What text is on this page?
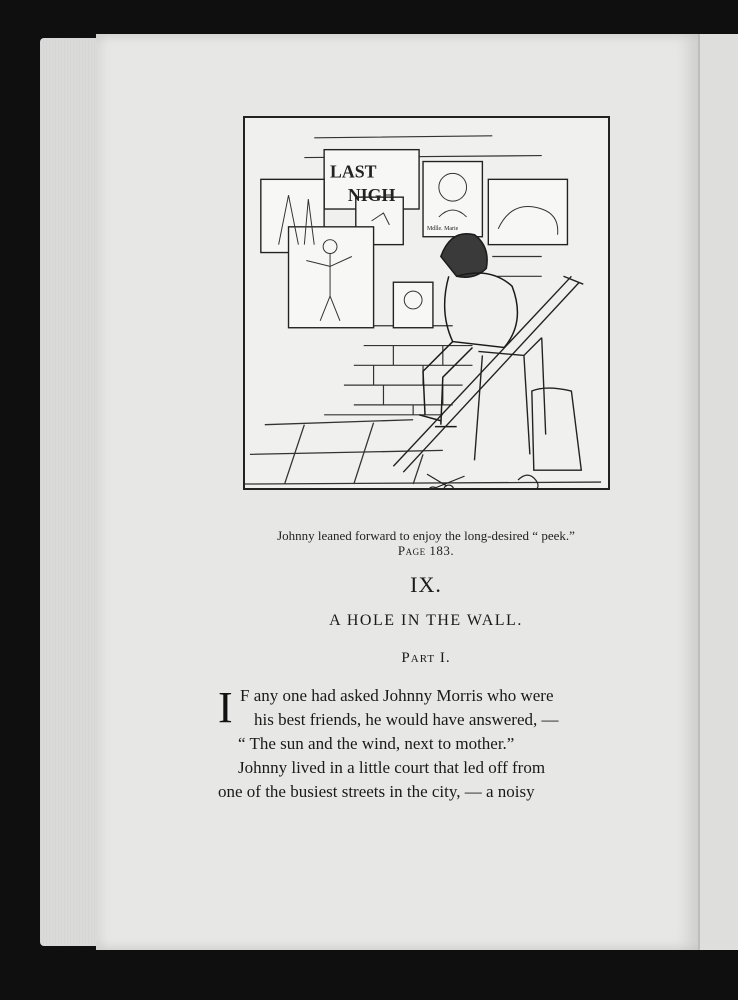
LAST
NIGH
Mdlle. Marie
Johnny leaned forward to enjoy the long-desired “ peek.”
Page 183.
IX.
A HOLE IN THE WALL.
Part I.
I F any one had asked Johnny Morris who were
his best friends, he would have answered, —
“ The sun and the wind, next to mother.”
Johnny lived in a little court that led off from
one of the busiest streets in the city, — a noisy
